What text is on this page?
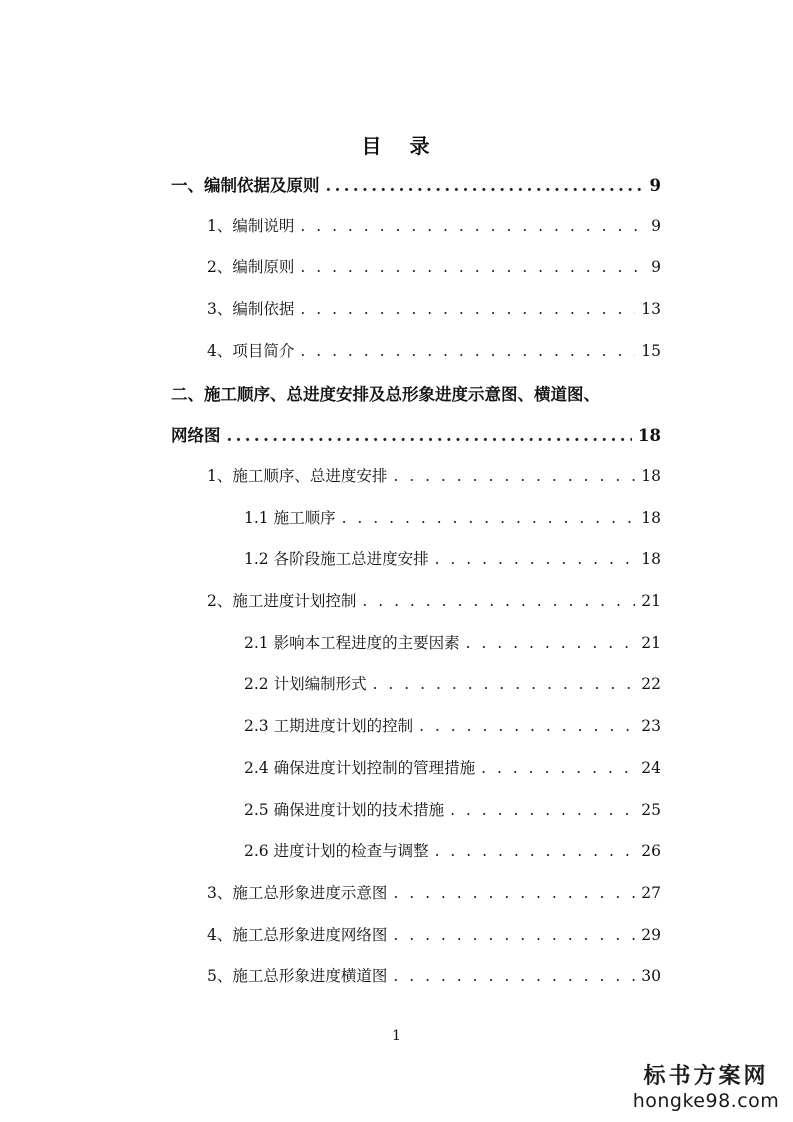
目 录
一、编制依据及原则 .....	9
1、编制说明 . . .	9
2、编制原则 . . .	9
3、编制依据 . . .	13
4、项目简介 . . .	15
二、施工顺序、总进度安排及总形象进度示意图、横道图、
网络图 .....	18
1、施工顺序、总进度安排 . . .	18
1.1 施工顺序 . . .	18
1.2 各阶段施工总进度安排 . . .	18
2、施工进度计划控制 . . .	21
2.1 影响本工程进度的主要因素 . . .	21
2.2 计划编制形式 . . .	22
2.3 工期进度计划的控制 . . .	23
2.4 确保进度计划控制的管理措施 . . .	24
2.5 确保进度计划的技术措施 . . .	25
2.6 进度计划的检查与调整 . . .	26
3、施工总形象进度示意图 . . .	27
4、施工总形象进度网络图 . . .	29
5、施工总形象进度横道图 . . .	30
1
标书方案网
hongke98.com
